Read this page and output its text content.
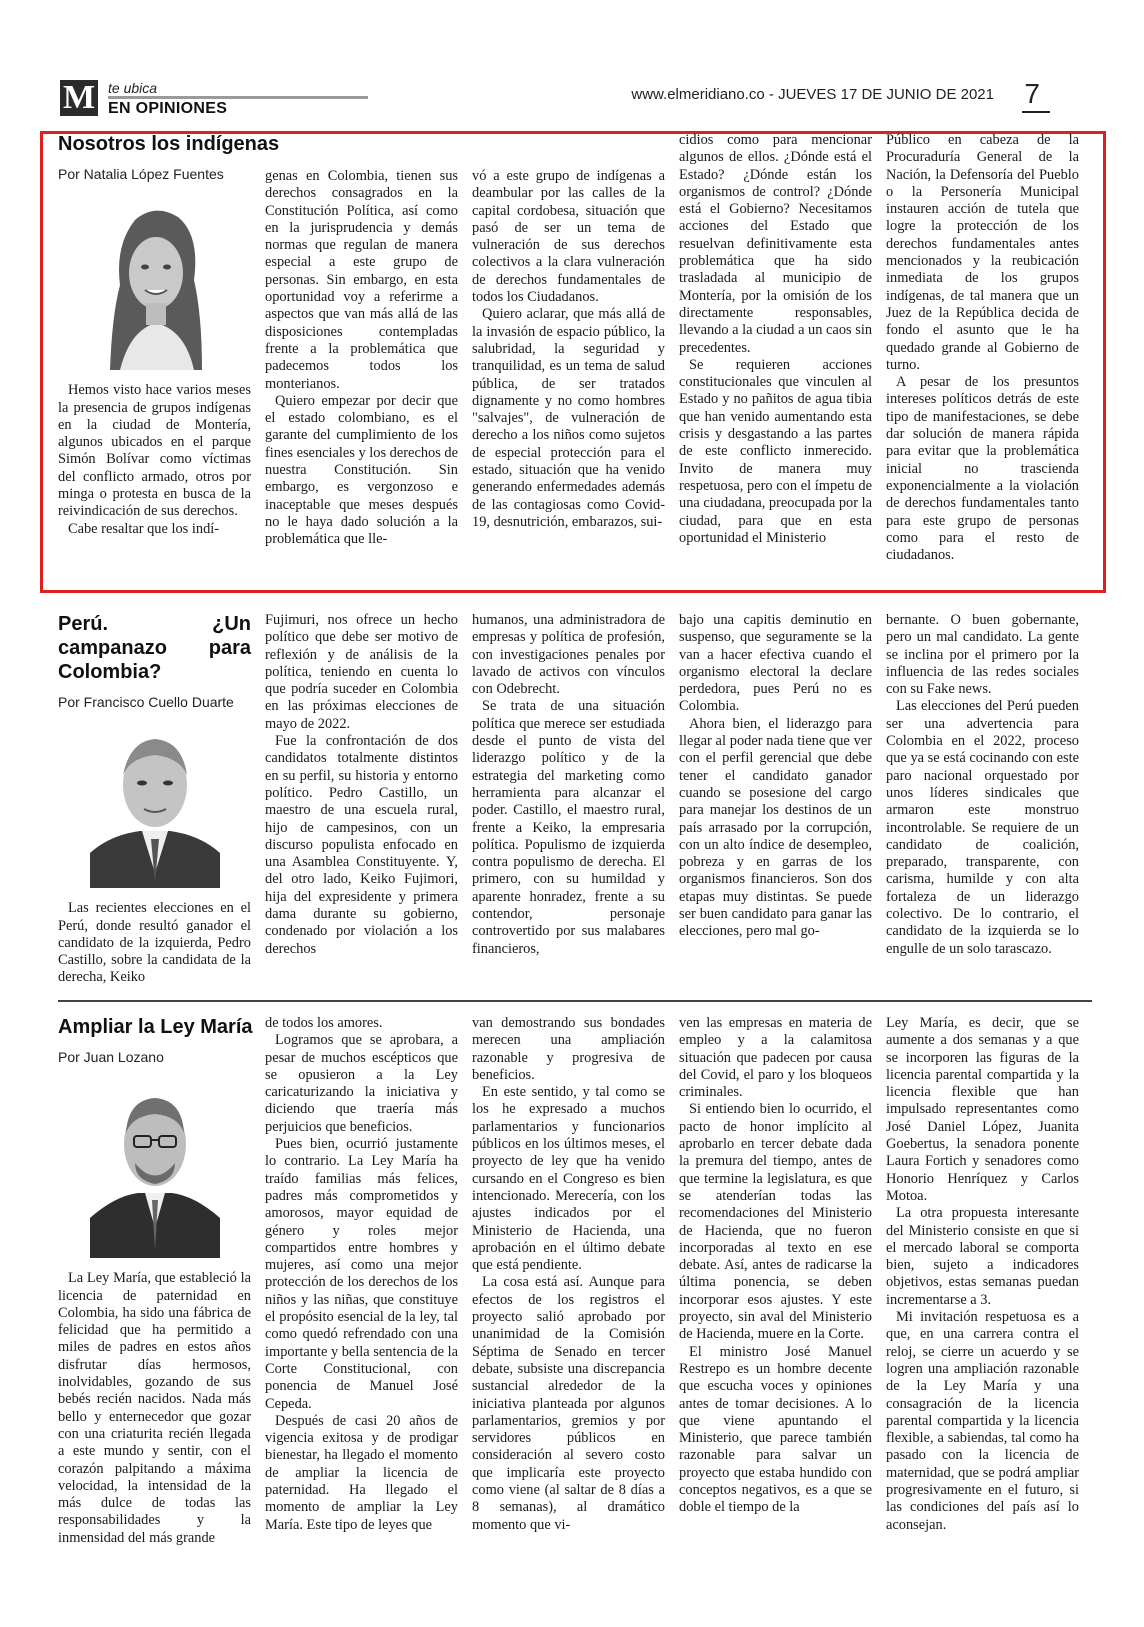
M te ubica
EN OPINIONES
www.elmeridiano.co - JUEVES 17 DE JUNIO DE 2021 7
Nosotros los indígenas
Por Natalia López Fuentes

Hemos visto hace varios meses la presencia de grupos indígenas en la ciudad de Montería, algunos ubicados en el parque Simón Bolívar como víctimas del conflicto armado, otros por minga o protesta en busca de la reivindicación de sus derechos.

Cabe resaltar que los indí-

genas en Colombia, tienen sus derechos consagrados en la Constitución Política, así como en la jurisprudencia y demás normas que regulan de manera especial a este grupo de personas. Sin embargo, en esta oportunidad voy a referirme a aspectos que van más allá de las disposiciones contempladas frente a la problemática que padecemos todos los monterianos.

Quiero empezar por decir que el estado colombiano, es el garante del cumplimiento de los fines esenciales y los derechos de nuestra Constitución. Sin embargo, es vergonzoso e inaceptable que meses después no le haya dado solución a la problemática que lle-

vó a este grupo de indígenas a deambular por las calles de la capital cordobesa, situación que pasó de ser un tema de vulneración de sus derechos colectivos a la clara vulneración de derechos fundamentales de todos los Ciudadanos.

Quiero aclarar, que más allá de la invasión de espacio público, la salubridad, la seguridad y tranquilidad, es un tema de salud pública, de ser tratados dignamente y no como hombres "salvajes", de vulneración de derecho a los niños como sujetos de especial protección para el estado, situación que ha venido generando enfermedades además de las contagiosas como Covid-19, desnutrición, embarazos, sui-

cidios como para mencionar algunos de ellos. ¿Dónde está el Estado? ¿Dónde están los organismos de control? ¿Dónde está el Gobierno? Necesitamos acciones del Estado que resuelvan definitivamente esta problemática que ha sido trasladada al municipio de Montería, por la omisión de los directamente responsables, llevando a la ciudad a un caos sin precedentes.

Se requieren acciones constitucionales que vinculen al Estado y no pañitos de agua tibia que han venido aumentando esta crisis y desgastando a las partes de este conflicto inmerecido. Invito de manera muy respetuosa, pero con el ímpetu de una ciudadana, preocupada por la ciudad, para que en esta oportunidad el Ministerio

Público en cabeza de la Procuraduría General de la Nación, la Defensoría del Pueblo o la Personería Municipal instauren acción de tutela que logre la protección de los derechos fundamentales antes mencionados y la reubicación inmediata de los grupos indígenas, de tal manera que un Juez de la República decida de fondo el asunto que le ha quedado grande al Gobierno de turno.

A pesar de los presuntos intereses políticos detrás de este tipo de manifestaciones, se debe dar solución de manera rápida para evitar que la problemática inicial no trascienda exponencialmente a la violación de derechos fundamentales tanto para este grupo de personas como para el resto de ciudadanos.

Perú. ¿Un campanazo para Colombia?
Por Francisco Cuello Duarte

Las recientes elecciones en el Perú, donde resultó ganador el candidato de la izquierda, Pedro Castillo, sobre la candidata de la derecha, Keiko

Fujimuri, nos ofrece un hecho político que debe ser motivo de reflexión y de análisis de la política, teniendo en cuenta lo que podría suceder en Colombia en las próximas elecciones de mayo de 2022.

Fue la confrontación de dos candidatos totalmente distintos en su perfil, su historia y entorno político. Pedro Castillo, un maestro de una escuela rural, hijo de campesinos, con un discurso populista enfocado en una Asamblea Constituyente. Y, del otro lado, Keiko Fujimori, hija del expresidente y primera dama durante su gobierno, condenado por violación a los derechos

humanos, una administradora de empresas y política de profesión, con investigaciones penales por lavado de activos con vínculos con Odebrecht.

Se trata de una situación política que merece ser estudiada desde el punto de vista del liderazgo político y de la estrategia del marketing como herramienta para alcanzar el poder. Castillo, el maestro rural, frente a Keiko, la empresaria política. Populismo de izquierda contra populismo de derecha. El primero, con su humildad y aparente honradez, frente a su contendor, personaje controvertido por sus malabares financieros,

bajo una capitis deminutio en suspenso, que seguramente se la van a hacer efectiva cuando el organismo electoral la declare perdedora, pues Perú no es Colombia.

Ahora bien, el liderazgo para llegar al poder nada tiene que ver con el perfil gerencial que debe tener el candidato ganador cuando se posesione del cargo para manejar los destinos de un país arrasado por la corrupción, con un alto índice de desempleo, pobreza y en garras de los organismos financieros. Son dos etapas muy distintas. Se puede ser buen candidato para ganar las elecciones, pero mal go-

bernante. O buen gobernante, pero un mal candidato. La gente se inclina por el primero por la influencia de las redes sociales con su Fake news.

Las elecciones del Perú pueden ser una advertencia para Colombia en el 2022, proceso que ya se está cocinando con este paro nacional orquestado por unos líderes sindicales que armaron este monstruo incontrolable. Se requiere de un candidato de coalición, preparado, transparente, con carisma, humilde y con alta fortaleza de un liderazgo colectivo. De lo contrario, el candidato de la izquierda se lo engulle de un solo tarascazo.

Ampliar la Ley María
Por Juan Lozano

La Ley María, que estableció la licencia de paternidad en Colombia, ha sido una fábrica de felicidad que ha permitido a miles de padres en estos años disfrutar días hermosos, inolvidables, gozando de sus bebés recién nacidos. Nada más bello y enternecedor que gozar con una criaturita recién llegada a este mundo y sentir, con el corazón palpitando a máxima velocidad, la intensidad de la más dulce de todas las responsabilidades y la inmensidad del más grande

de todos los amores.

Logramos que se aprobara, a pesar de muchos escépticos que se opusieron a la Ley caricaturizando la iniciativa y diciendo que traería más perjuicios que beneficios.

Pues bien, ocurrió justamente lo contrario. La Ley María ha traído familias más felices, padres más comprometidos y amorosos, mayor equidad de género y roles mejor compartidos entre hombres y mujeres, así como una mejor protección de los derechos de los niños y las niñas, que constituye el propósito esencial de la ley, tal como quedó refrendado con una importante y bella sentencia de la Corte Constitucional, con ponencia de Manuel José Cepeda.

Después de casi 20 años de vigencia exitosa y de prodigar bienestar, ha llegado el momento de ampliar la licencia de paternidad. Ha llegado el momento de ampliar la Ley María. Este tipo de leyes que

van demostrando sus bondades merecen una ampliación razonable y progresiva de beneficios.

En este sentido, y tal como se los he expresado a muchos parlamentarios y funcionarios públicos en los últimos meses, el proyecto de ley que ha venido cursando en el Congreso es bien intencionado. Merecería, con los ajustes indicados por el Ministerio de Hacienda, una aprobación en el último debate que está pendiente.

La cosa está así. Aunque para efectos de los registros el proyecto salió aprobado por unanimidad de la Comisión Séptima de Senado en tercer debate, subsiste una discrepancia sustancial alrededor de la iniciativa planteada por algunos parlamentarios, gremios y por servidores públicos en consideración al severo costo que implicaría este proyecto como viene (al saltar de 8 días a 8 semanas), al dramático momento que vi-

ven las empresas en materia de empleo y a la calamitosa situación que padecen por causa del Covid, el paro y los bloqueos criminales.

Si entiendo bien lo ocurrido, el pacto de honor implícito al aprobarlo en tercer debate dada la premura del tiempo, antes de que termine la legislatura, es que se atenderían todas las recomendaciones del Ministerio de Hacienda, que no fueron incorporadas al texto en ese debate. Así, antes de radicarse la última ponencia, se deben incorporar esos ajustes. Y este proyecto, sin aval del Ministerio de Hacienda, muere en la Corte.

El ministro José Manuel Restrepo es un hombre decente que escucha voces y opiniones antes de tomar decisiones. A lo que viene apuntando el Ministerio, que parece también razonable para salvar un proyecto que estaba hundido con conceptos negativos, es a que se doble el tiempo de la

Ley María, es decir, que se aumente a dos semanas y a que se incorporen las figuras de la licencia parental compartida y la licencia flexible que han impulsado representantes como José Daniel López, Juanita Goebertus, la senadora ponente Laura Fortich y senadores como Honorio Henríquez y Carlos Motoa.

La otra propuesta interesante del Ministerio consiste en que si el mercado laboral se comporta bien, sujeto a indicadores objetivos, estas semanas puedan incrementarse a 3.

Mi invitación respetuosa es a que, en una carrera contra el reloj, se cierre un acuerdo y se logren una ampliación razonable de la Ley María y una consagración de la licencia parental compartida y la licencia flexible, a sabiendas, tal como ha pasado con la licencia de maternidad, que se podrá ampliar progresivamente en el futuro, si las condiciones del país así lo aconsejan.
